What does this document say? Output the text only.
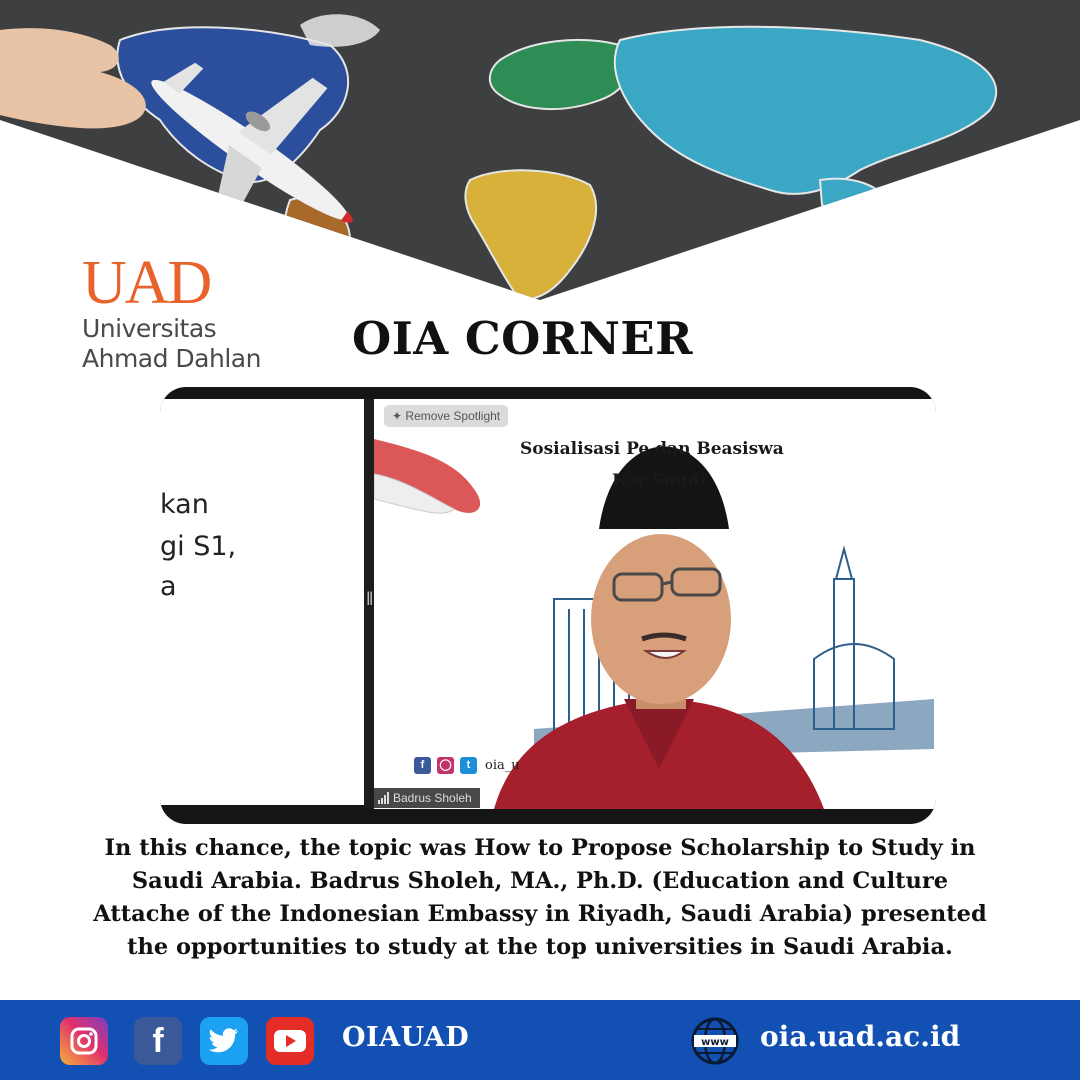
UAD
Universitas
Ahmad Dahlan	OIA CORNER
kan
gi S1,
a	‖
✦ Remove Spotlight
Sosialisasi Pe dan Beasiswa
Ker Saudi
f	◯	t	oia_u
Badrus Sholeh
In this chance, the topic was How to Propose Scholarship to Study in
Saudi Arabia. Badrus Sholeh, MA., Ph.D. (Education and Culture
Attache of the Indonesian Embassy in Riyadh, Saudi Arabia) presented
the opportunities to study at the top universities in Saudi Arabia.
f	OIAUAD	www oia.uad.ac.id
